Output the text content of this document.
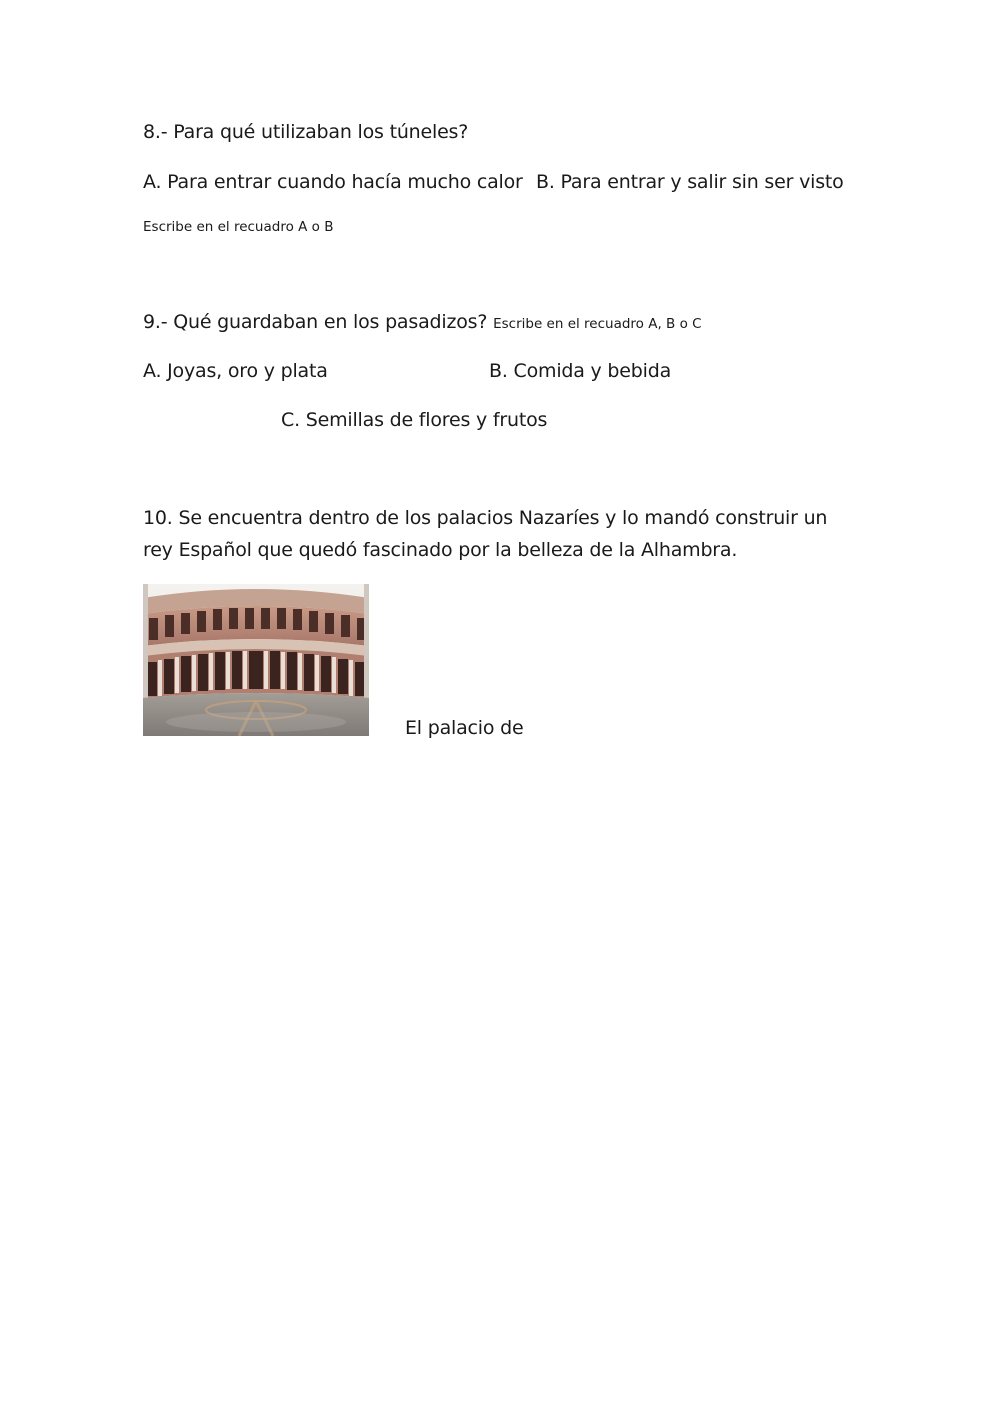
8.- Para qué utilizaban los túneles?
A. Para entrar cuando hacía mucho calor B. Para entrar y salir sin ser visto
Escribe en el recuadro A o B
9.- Qué guardaban en los pasadizos? Escribe en el recuadro A, B o C
A. Joyas, oro y plata	B. Comida y bebida
C. Semillas de flores y frutos
10. Se encuentra dentro de los palacios Nazaríes y lo mandó construir un
rey Español que quedó fascinado por la belleza de la Alhambra.
El palacio de
